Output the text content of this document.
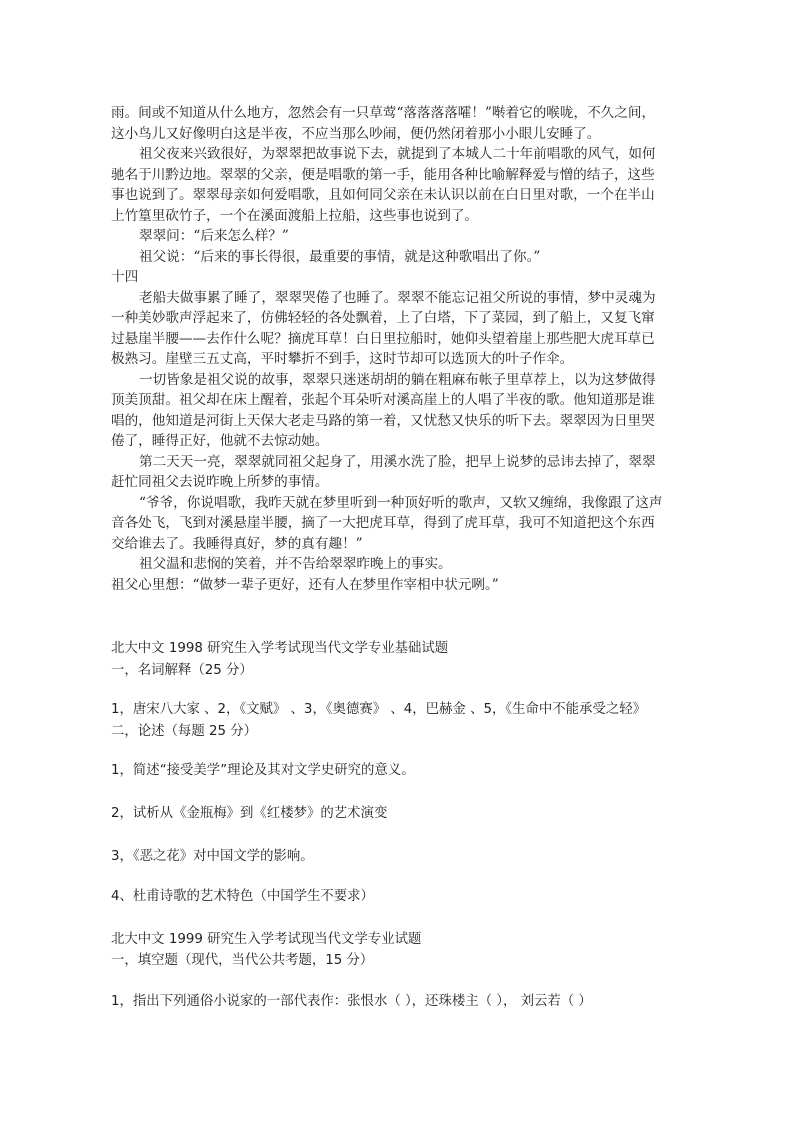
雨。间或不知道从什么地方，忽然会有一只草莺“落落落落嚯！”啭着它的喉咙，不久之间，
这小鸟儿又好像明白这是半夜，不应当那么吵闹，便仍然闭着那小小眼儿安睡了。
祖父夜来兴致很好，为翠翠把故事说下去，就提到了本城人二十年前唱歌的风气，如何
驰名于川黔边地。翠翠的父亲，便是唱歌的第一手，能用各种比喻解释爱与憎的结子，这些
事也说到了。翠翠母亲如何爱唱歌，且如何同父亲在未认识以前在白日里对歌，一个在半山
上竹篁里砍竹子，一个在溪面渡船上拉船，这些事也说到了。
翠翠问：“后来怎么样？”
祖父说：“后来的事长得很，最重要的事情，就是这种歌唱出了你。”
十四
老船夫做事累了睡了，翠翠哭倦了也睡了。翠翠不能忘记祖父所说的事情，梦中灵魂为
一种美妙歌声浮起来了，仿佛轻轻的各处飘着，上了白塔，下了菜园，到了船上，又复飞窜
过悬崖半腰——去作什么呢？摘虎耳草！白日里拉船时，她仰头望着崖上那些肥大虎耳草已
极熟习。崖壁三五丈高，平时攀折不到手，这时节却可以选顶大的叶子作伞。
一切皆象是祖父说的故事，翠翠只迷迷胡胡的躺在粗麻布帐子里草荐上，以为这梦做得
顶美顶甜。祖父却在床上醒着，张起个耳朵听对溪高崖上的人唱了半夜的歌。他知道那是谁
唱的，他知道是河街上天保大老走马路的第一着，又忧愁又快乐的听下去。翠翠因为日里哭
倦了，睡得正好，他就不去惊动她。
第二天天一亮，翠翠就同祖父起身了，用溪水洗了脸，把早上说梦的忌讳去掉了，翠翠
赶忙同祖父去说昨晚上所梦的事情。
“爷爷，你说唱歌，我昨天就在梦里听到一种顶好听的歌声，又软又缠绵，我像跟了这声
音各处飞，飞到对溪悬崖半腰，摘了一大把虎耳草，得到了虎耳草，我可不知道把这个东西
交给谁去了。我睡得真好，梦的真有趣！”
祖父温和悲悯的笑着，并不告给翠翠昨晚上的事实。
祖父心里想：“做梦一辈子更好，还有人在梦里作宰相中状元咧。”
北大中文 1998 研究生入学考试现当代文学专业基础试题
一，名词解释（25 分）
1，唐宋八大家 、2，《文赋》 、3，《奥德赛》 、4，巴赫金 、5，《生命中不能承受之轻》
二，论述（每题 25 分）
1，简述“接受美学”理论及其对文学史研究的意义。
2，试析从《金瓶梅》到《红楼梦》的艺术演变
3，《恶之花》对中国文学的影响。
4、杜甫诗歌的艺术特色（中国学生不要求）
北大中文 1999 研究生入学考试现当代文学专业试题
一，填空题（现代，当代公共考题，15 分）
1，指出下列通俗小说家的一部代表作：张恨水（ ），还珠楼主（ ）， 刘云若（ ）
